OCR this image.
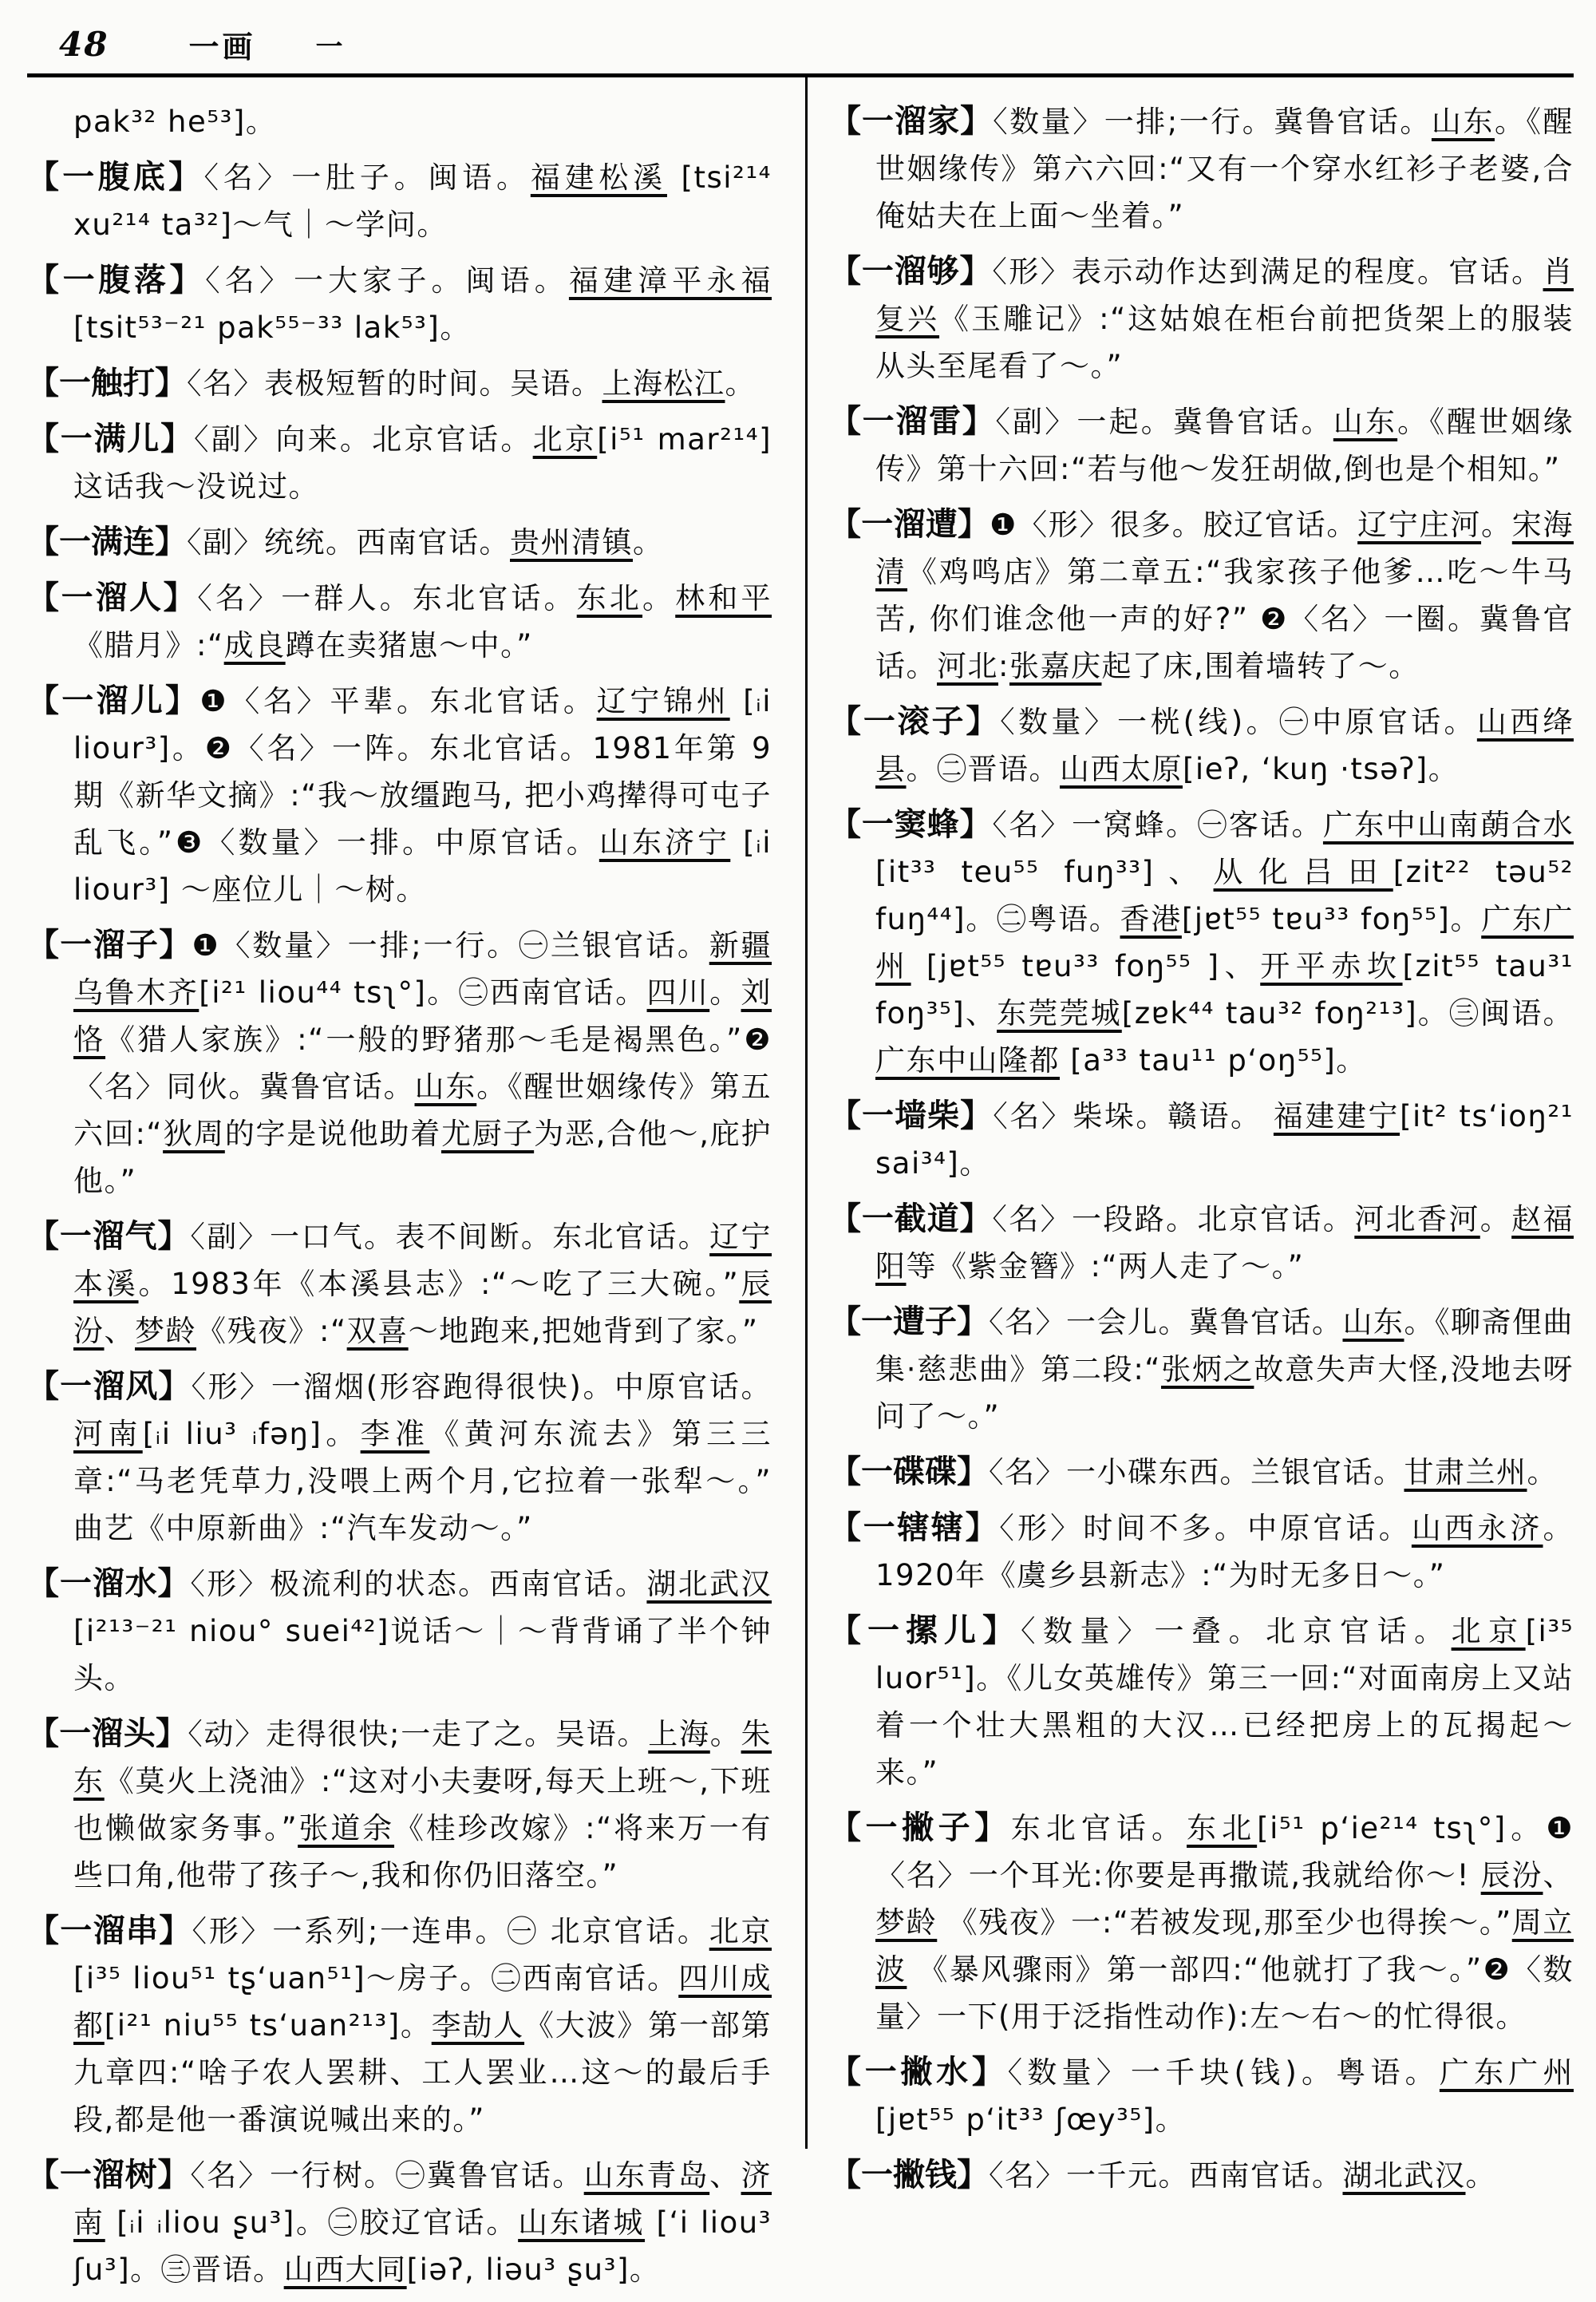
48	一画 一
pak³² he⁵³]。
【一腹底】〈名〉一肚子。闽语。福建松溪 [tsi²¹⁴ xu²¹⁴ ta³²]～气｜～学问。
【一腹落】〈名〉一大家子。闽语。福建漳平永福 [tsit⁵³⁻²¹ pak⁵⁵⁻³³ lak⁵³]。
【一触打】〈名〉表极短暂的时间。吴语。上海松江。
【一满儿】〈副〉向来。北京官话。北京[i⁵¹ mar²¹⁴] 这话我～没说过。
【一满连】〈副〉统统。西南官话。贵州清镇。
【一溜人】〈名〉一群人。东北官话。东北。林和平 《腊月》:“成良蹲在卖猪崽～中。”
【一溜儿】❶〈名〉平辈。东北官话。辽宁锦州 [ᵢi liour³]。❷〈名〉一阵。东北官话。1981年第 9 期《新华文摘》:“我～放缰跑马, 把小鸡撵得可屯子乱飞。”❸〈数量〉一排。中原官话。山东济宁 [ᵢi liour³] ～座位儿｜～树。
【一溜子】❶〈数量〉一排;一行。㊀兰银官话。新疆乌鲁木齐[i²¹ liou⁴⁴ tsʅ°]。㊁西南官话。四川。刘恪《猎人家族》:“一般的野猪那～毛是褐黑色。”❷〈名〉同伙。冀鲁官话。山东。《醒世姻缘传》第五六回:“狄周的字是说他助着尤厨子为恶,合他～,庇护他。”
【一溜气】〈副〉一口气。表不间断。东北官话。辽宁本溪。1983年《本溪县志》:“～吃了三大碗。”辰汾、梦龄《残夜》:“双喜～地跑来,把她背到了家。”
【一溜风】〈形〉一溜烟(形容跑得很快)。中原官话。河南[ᵢi liu³ ᵢfəŋ]。李准《黄河东流去》第三三章:“马老凭草力,没喂上两个月,它拉着一张犁～。” 曲艺《中原新曲》:“汽车发动～。”
【一溜水】〈形〉极流利的状态。西南官话。湖北武汉 [i²¹³⁻²¹ niou° suei⁴²]说话～｜～背背诵了半个钟头。
【一溜头】〈动〉走得很快;一走了之。吴语。上海。朱东《莫火上浇油》:“这对小夫妻呀,每天上班～,下班也懒做家务事。”张道余《桂珍改嫁》:“将来万一有些口角,他带了孩子～,我和你仍旧落空。”
【一溜串】〈形〉一系列;一连串。㊀ 北京官话。北京 [i³⁵ liou⁵¹ tʂ‘uan⁵¹]～房子。㊁西南官话。四川成都[i²¹ niu⁵⁵ ts‘uan²¹³]。李劼人《大波》第一部第九章四:“啥子农人罢耕、工人罢业…这～的最后手段,都是他一番演说喊出来的。”
【一溜树】〈名〉一行树。㊀冀鲁官话。山东青岛、济南 [ᵢi ᵢliou ʂu³]。㊁胶辽官话。山东诸城 [ʻi liou³ ʃu³]。㊂晋语。山西大同[iəʔ, liəu³ ʂu³]。
【一溜家】〈数量〉一排;一行。冀鲁官话。山东。《醒世姻缘传》第六六回:“又有一个穿水红衫子老婆,合俺姑夫在上面～坐着。”
【一溜够】〈形〉表示动作达到满足的程度。官话。肖复兴《玉雕记》:“这姑娘在柜台前把货架上的服装从头至尾看了～。”
【一溜雷】〈副〉一起。冀鲁官话。山东。《醒世姻缘传》第十六回:“若与他～发狂胡做,倒也是个相知。”
【一溜遭】❶〈形〉很多。胶辽官话。辽宁庄河。宋海清《鸡鸣店》第二章五:“我家孩子他爹…吃～牛马苦, 你们谁念他一声的好?” ❷〈名〉一圈。冀鲁官话。河北:张嘉庆起了床,围着墙转了～。
【一滚子】〈数量〉一桄(线)。㊀中原官话。山西绛县。㊁晋语。山西太原[ieʔ, ʻkuŋ ·tsəʔ]。
【一窦蜂】〈名〉一窝蜂。㊀客话。广东中山南蓢合水 [it³³ teu⁵⁵ fuŋ³³]、从化吕田[zit²² təu⁵² fuŋ⁴⁴]。㊁粤语。香港[jɐt⁵⁵ tɐu³³ foŋ⁵⁵]。广东广州 [jɐt⁵⁵ tɐu³³ foŋ⁵⁵ ]、开平赤坎[zit⁵⁵ tau³¹ foŋ³⁵]、东莞莞城[zɐk⁴⁴ tau³² foŋ²¹³]。㊂闽语。广东中山隆都 [a³³ tau¹¹ p‘oŋ⁵⁵]。
【一墙柴】〈名〉柴垛。赣语。 福建建宁[it² ts‘ioŋ²¹ sai³⁴]。
【一截道】〈名〉一段路。北京官话。河北香河。赵福阳等《紫金簪》:“两人走了～。”
【一遭子】〈名〉一会儿。冀鲁官话。山东。《聊斋俚曲集·慈悲曲》第二段:“张炳之故意失声大怪,没地去呀问了～。”
【一碟碟】〈名〉一小碟东西。兰银官话。甘肃兰州。
【一辖辖】〈形〉时间不多。中原官话。山西永济。1920年《虞乡县新志》:“为时无多日～。”
【一摞儿】〈数量〉一叠。北京官话。北京[i³⁵ luor⁵¹]。《儿女英雄传》第三一回:“对面南房上又站着一个壮大黑粗的大汉…已经把房上的瓦揭起～来。”
【一撇子】东北官话。东北[i⁵¹ p‘ie²¹⁴ tsʅ°]。❶〈名〉一个耳光:你要是再撒谎,我就给你～! 辰汾、梦龄 《残夜》一:“若被发现,那至少也得挨～。”周立波 《暴风骤雨》第一部四:“他就打了我～。”❷〈数量〉一下(用于泛指性动作):左～右～的忙得很。
【一撇水】〈数量〉一千块(钱)。粤语。广东广州 [jɐt⁵⁵ p‘it³³ ʃœy³⁵]。
【一撇钱】〈名〉一千元。西南官话。湖北武汉。
